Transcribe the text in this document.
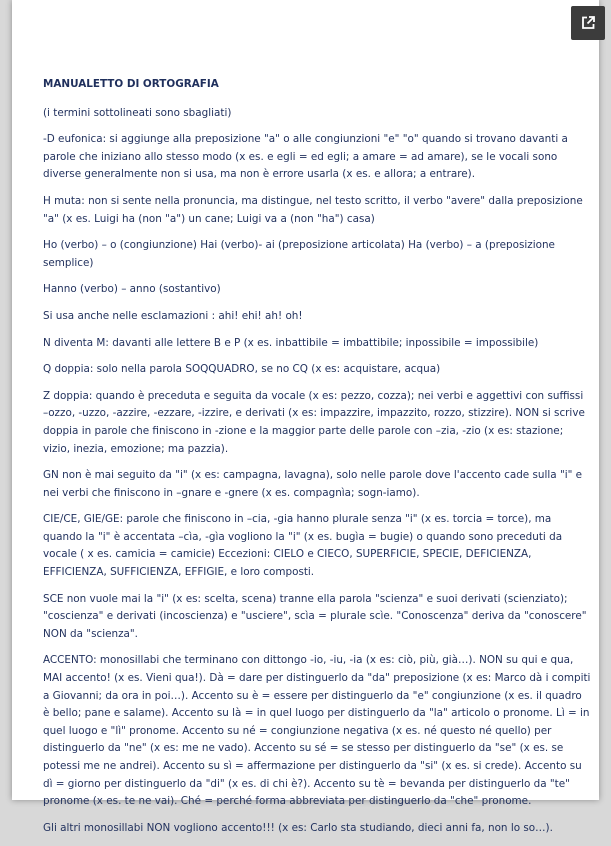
MANUALETTO DI ORTOGRAFIA

(i termini sottolineati sono sbagliati)

-D eufonica: si aggiunge alla preposizione "a" o alle congiunzioni "e" "o" quando si trovano davanti a parole che iniziano allo stesso modo (x es. e egli = ed egli; a amare = ad amare), se le vocali sono diverse generalmente non si usa, ma non è errore usarla (x es. e allora; a entrare).

H muta: non si sente nella pronuncia, ma distingue, nel testo scritto, il verbo "avere" dalla preposizione "a" (x es. Luigi ha (non "a") un cane; Luigi va a (non "ha") casa)

Ho (verbo) – o (congiunzione) Hai (verbo)- ai (preposizione articolata) Ha (verbo) – a (preposizione semplice)

Hanno (verbo) – anno (sostantivo)

Si usa anche nelle esclamazioni : ahi! ehi! ah! oh!

N diventa M: davanti alle lettere B e P (x es. inbattibile = imbattibile; inpossibile = impossibile)

Q doppia: solo nella parola SOQQUADRO, se no CQ (x es: acquistare, acqua)

Z doppia: quando è preceduta e seguita da vocale (x es: pezzo, cozza); nei verbi e aggettivi con suffissi –ozzo, -uzzo, -azzire, -ezzare, -izzire, e derivati (x es: impazzire, impazzito, rozzo, stizzire). NON si scrive doppia in parole che finiscono in -zione e la maggior parte delle parole con –zia, -zio (x es: stazione; vizio, inezia, emozione; ma pazzia).

GN non è mai seguito da "i" (x es: campagna, lavagna), solo nelle parole dove l'accento cade sulla "i" e nei verbi che finiscono in –gnare e -gnere (x es. compagnìa; sogn-iamo).

CIE/CE, GIE/GE: parole che finiscono in –cia, -gia hanno plurale senza "i" (x es. torcia = torce), ma quando la "i" è accentata –cìa, -gìa vogliono la "i" (x es. bugìa = bugie) o quando sono preceduti da vocale ( x es. camicia = camicie) Eccezioni: CIELO e CIECO, SUPERFICIE, SPECIE, DEFICIENZA, EFFICIENZA, SUFFICIENZA, EFFIGIE, e loro composti.

SCE non vuole mai la "i" (x es: scelta, scena) tranne ella parola "scienza" e suoi derivati (scienziato); "coscienza" e derivati (incoscienza) e "usciere", scìa = plurale scìe. "Conoscenza" deriva da "conoscere" NON da "scienza".

ACCENTO: monosillabi che terminano con dittongo -io, -iu, -ia (x es: ciò, più, già…). NON su qui e qua, MAI accento! (x es. Vieni qua!). Dà = dare per distinguerlo da "da" preposizione (x es: Marco dà i compiti a Giovanni; da ora in poi…). Accento su è = essere per distinguerlo da "e" congiunzione (x es. il quadro è bello; pane e salame). Accento su là = in quel luogo per distinguerlo da "la" articolo o pronome. Lì = in quel luogo e "lì" pronome. Accento su né = congiunzione negativa (x es. né questo né quello) per distinguerlo da "ne" (x es: me ne vado). Accento su sé = se stesso per distinguerlo da "se" (x es. se potessi me ne andrei). Accento su sì = affermazione per distinguerlo da "si" (x es. si crede). Accento su dì = giorno per distinguerlo da "di" (x es. di chi è?). Accento su tè = bevanda per distinguerlo da "te" pronome (x es. te ne vai). Ché = perché forma abbreviata per distinguerlo da "che" pronome.

Gli altri monosillabi NON vogliono accento!!! (x es: Carlo sta studiando, dieci anni fa, non lo so…).
